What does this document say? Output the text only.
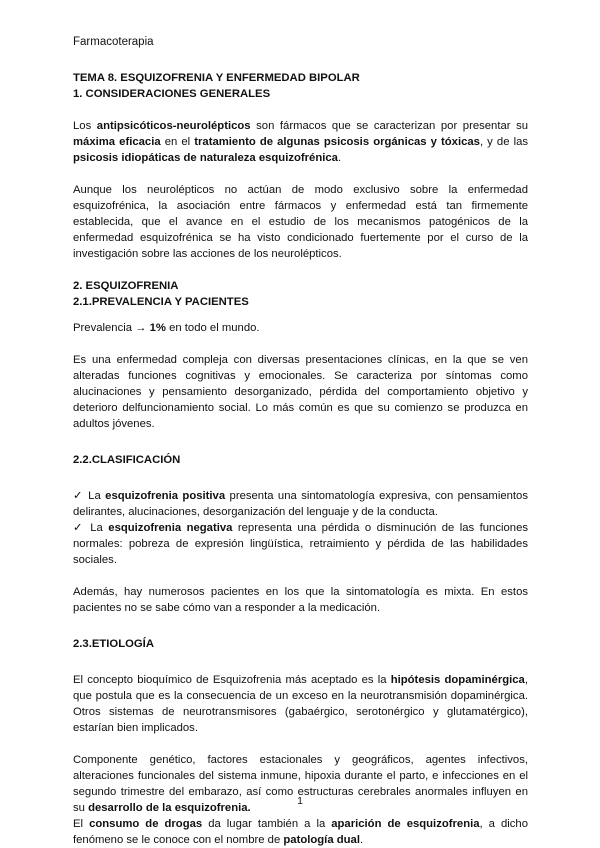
Farmacoterapia
TEMA 8. ESQUIZOFRENIA Y ENFERMEDAD BIPOLAR
1. CONSIDERACIONES GENERALES

Los antipsicóticos-neurolépticos son fármacos que se caracterizan por presentar su máxima eficacia en el tratamiento de algunas psicosis orgánicas y tóxicas, y de las psicosis idiopáticas de naturaleza esquizofrénica.

Aunque los neurolépticos no actúan de modo exclusivo sobre la enfermedad esquizofrénica, la asociación entre fármacos y enfermedad está tan firmemente establecida, que el avance en el estudio de los mecanismos patogénicos de la enfermedad esquizofrénica se ha visto condicionado fuertemente por el curso de la investigación sobre las acciones de los neurolépticos.

2. ESQUIZOFRENIA
2.1.PREVALENCIA Y PACIENTES

Prevalencia → 1% en todo el mundo.

Es una enfermedad compleja con diversas presentaciones clínicas, en la que se ven alteradas funciones cognitivas y emocionales. Se caracteriza por síntomas como alucinaciones y pensamiento desorganizado, pérdida del comportamiento objetivo y deterioro delfuncionamiento social. Lo más común es que su comienzo se produzca en adultos jóvenes.

2.2.CLASIFICACIÓN

✓ La esquizofrenia positiva presenta una sintomatología expresiva, con pensamientos delirantes, alucinaciones, desorganización del lenguaje y de la conducta.

✓ La esquizofrenia negativa representa una pérdida o disminución de las funciones normales: pobreza de expresión lingüística, retraimiento y pérdida de las habilidades sociales.

Además, hay numerosos pacientes en los que la sintomatología es mixta. En estos pacientes no se sabe cómo van a responder a la medicación.

2.3.ETIOLOGÍA

El concepto bioquímico de Esquizofrenia más aceptado es la hipótesis dopaminérgica, que postula que es la consecuencia de un exceso en la neurotransmisión dopaminérgica. Otros sistemas de neurotransmisores (gabaérgico, serotonérgico y glutamatérgico), estarían bien implicados.

Componente genético, factores estacionales y geográficos, agentes infectivos, alteraciones funcionales del sistema inmune, hipoxia durante el parto, e infecciones en el segundo trimestre del embarazo, así como estructuras cerebrales anormales influyen en su desarrollo de la esquizofrenia.

El consumo de drogas da lugar también a la aparición de esquizofrenia, a dicho fenómeno se le conoce con el nombre de patología dual.

1
